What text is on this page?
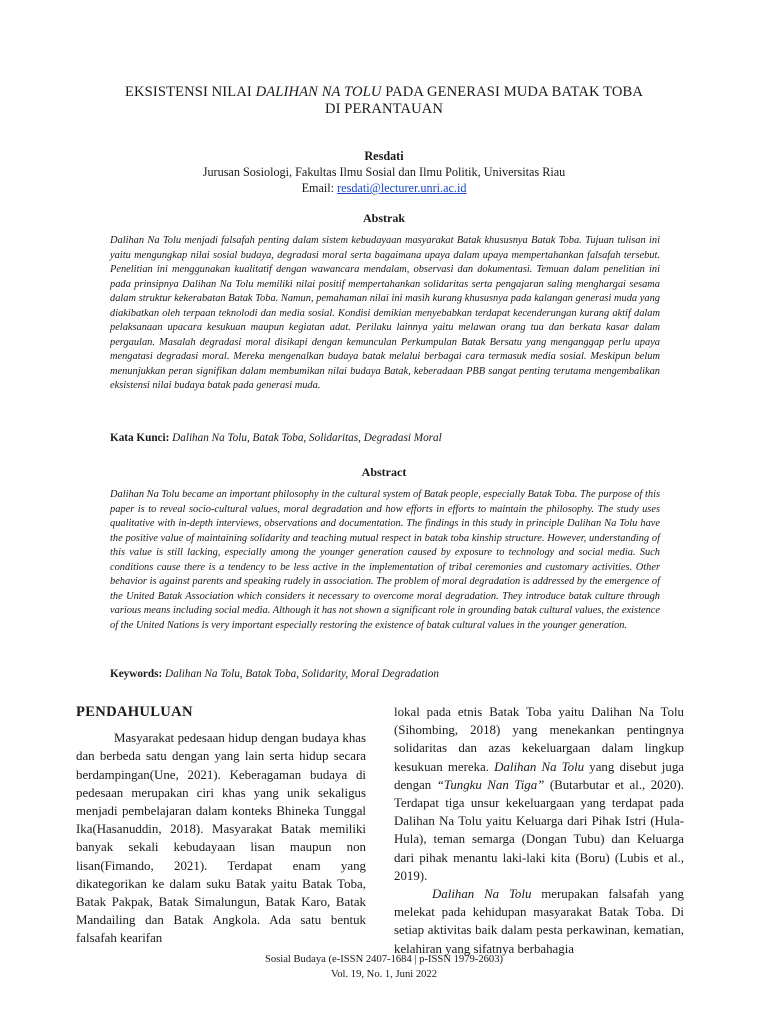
EKSISTENSI NILAI DALIHAN NA TOLU PADA GENERASI MUDA BATAK TOBA
DI PERANTAUAN
Resdati
Jurusan Sosiologi, Fakultas Ilmu Sosial dan Ilmu Politik, Universitas Riau
Email: resdati@lecturer.unri.ac.id
Abstrak
Dalihan Na Tolu menjadi falsafah penting dalam sistem kebudayaan masyarakat Batak khususnya Batak Toba. Tujuan tulisan ini yaitu mengungkap nilai sosial budaya, degradasi moral serta bagaimana upaya dalam upaya mempertahankan falsafah tersebut. Penelitian ini menggunakan kualitatif dengan wawancara mendalam, observasi dan dokumentasi. Temuan dalam penelitian ini pada prinsipnya Dalihan Na Tolu memiliki nilai positif mempertahankan solidaritas serta pengajaran saling menghargai sesama dalam struktur kekerabatan Batak Toba. Namun, pemahaman nilai ini masih kurang khususnya pada kalangan generasi muda yang diakibatkan oleh terpaan teknolodi dan media sosial. Kondisi demikian menyebabkan terdapat kecenderungan kurang aktif dalam pelaksanaan upacara kesukuan maupun kegiatan adat. Perilaku lainnya yaitu melawan orang tua dan berkata kasar dalam pergaulan. Masalah degradasi moral disikapi dengan kemunculan Perkumpulan Batak Bersatu yang menganggap perlu upaya mengatasi degradasi moral. Mereka mengenalkan budaya batak melalui berbagai cara termasuk media sosial. Meskipun belum menunjukkan peran signifikan dalam membumikan nilai budaya Batak, keberadaan PBB sangat penting terutama mengembalikan eksistensi nilai budaya batak pada generasi muda.
Kata Kunci: Dalihan Na Tolu, Batak Toba, Solidaritas, Degradasi Moral
Abstract
Dalihan Na Tolu became an important philosophy in the cultural system of Batak people, especially Batak Toba. The purpose of this paper is to reveal socio-cultural values, moral degradation and how efforts in efforts to maintain the philosophy. The study uses qualitative with in-depth interviews, observations and documentation. The findings in this study in principle Dalihan Na Tolu have the positive value of maintaining solidarity and teaching mutual respect in batak toba kinship structure. However, understanding of this value is still lacking, especially among the younger generation caused by exposure to technology and social media. Such conditions cause there is a tendency to be less active in the implementation of tribal ceremonies and customary activities. Other behavior is against parents and speaking rudely in association. The problem of moral degradation is addressed by the emergence of the United Batak Association which considers it necessary to overcome moral degradation. They introduce batak culture through various means including social media. Although it has not shown a significant role in grounding batak cultural values, the existence of the United Nations is very important especially restoring the existence of batak cultural values in the younger generation.
Keywords: Dalihan Na Tolu, Batak Toba, Solidarity, Moral Degradation
PENDAHULUAN

Masyarakat pedesaan hidup dengan budaya khas dan berbeda satu dengan yang lain serta hidup secara berdampingan(Une, 2021). Keberagaman budaya di pedesaan merupakan ciri khas yang unik sekaligus menjadi pembelajaran dalam konteks Bhineka Tunggal Ika(Hasanuddin, 2018). Masyarakat Batak memiliki banyak sekali kebudayaan lisan maupun non lisan(Fimando, 2021). Terdapat enam yang dikategorikan ke dalam suku Batak yaitu Batak Toba, Batak Pakpak, Batak Simalungun, Batak Karo, Batak Mandailing dan Batak Angkola. Ada satu bentuk falsafah kearifan

lokal pada etnis Batak Toba yaitu Dalihan Na Tolu (Sihombing, 2018) yang menekankan pentingnya solidaritas dan azas kekeluargaan dalam lingkup kesukuan mereka. Dalihan Na Tolu yang disebut juga dengan “Tungku Nan Tiga” (Butarbutar et al., 2020). Terdapat tiga unsur kekeluargaan yang terdapat pada Dalihan Na Tolu yaitu Keluarga dari Pihak Istri (Hula-Hula), teman semarga (Dongan Tubu) dan Keluarga dari pihak menantu laki-laki kita (Boru) (Lubis et al., 2019).

Dalihan Na Tolu merupakan falsafah yang melekat pada kehidupan masyarakat Batak Toba. Di setiap aktivitas baik dalam pesta perkawinan, kematian, kelahiran yang sifatnya berbahagia

Sosial Budaya (e-ISSN 2407-1684 | p-ISSN 1979-2603)
Vol. 19, No. 1, Juni 2022
